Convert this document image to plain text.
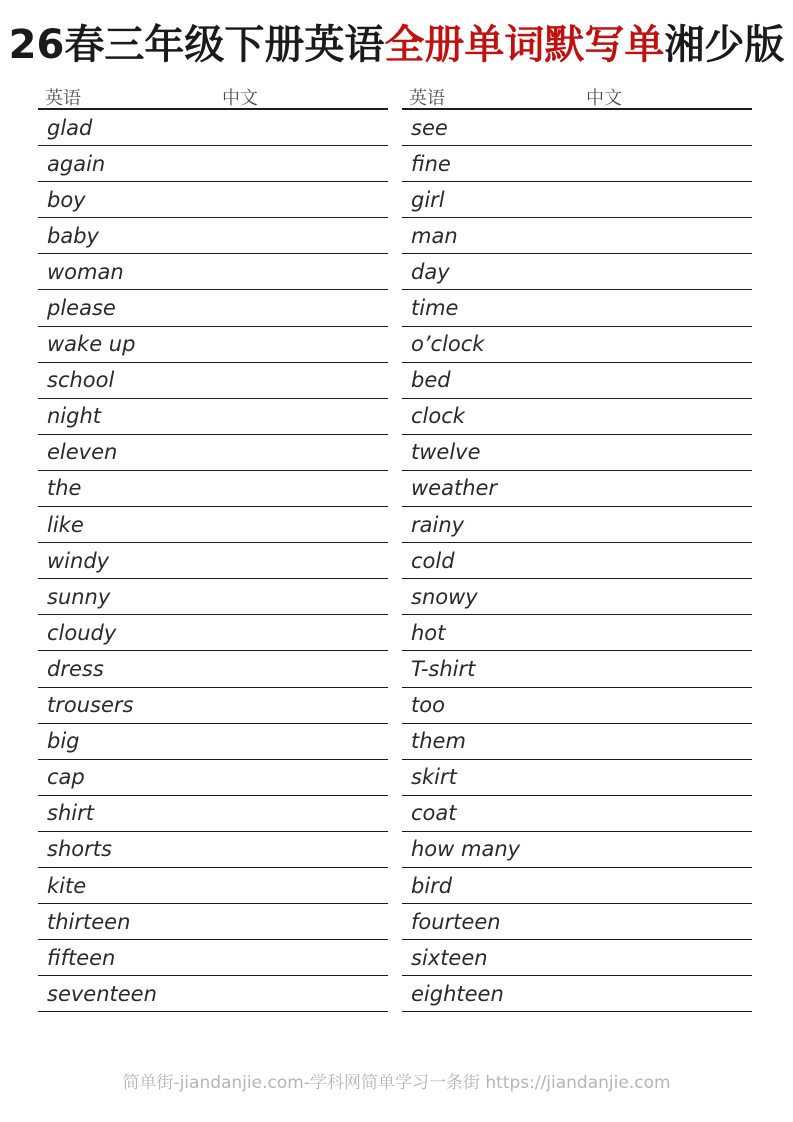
26春三年级下册英语全册单词默写单湘少版
英语	中文
glad
again
boy
baby
woman
please
wake up
school
night
eleven
the
like
windy
sunny
cloudy
dress
trousers
big
cap
shirt
shorts
kite
thirteen
fifteen
seventeen
英语	中文
see
fine
girl
man
day
time
o’clock
bed
clock
twelve
weather
rainy
cold
snowy
hot
T-shirt
too
them
skirt
coat
how many
bird
fourteen
sixteen
eighteen
简单街-jiandanjie.com-学科网简单学习一条街 https://jiandanjie.com
